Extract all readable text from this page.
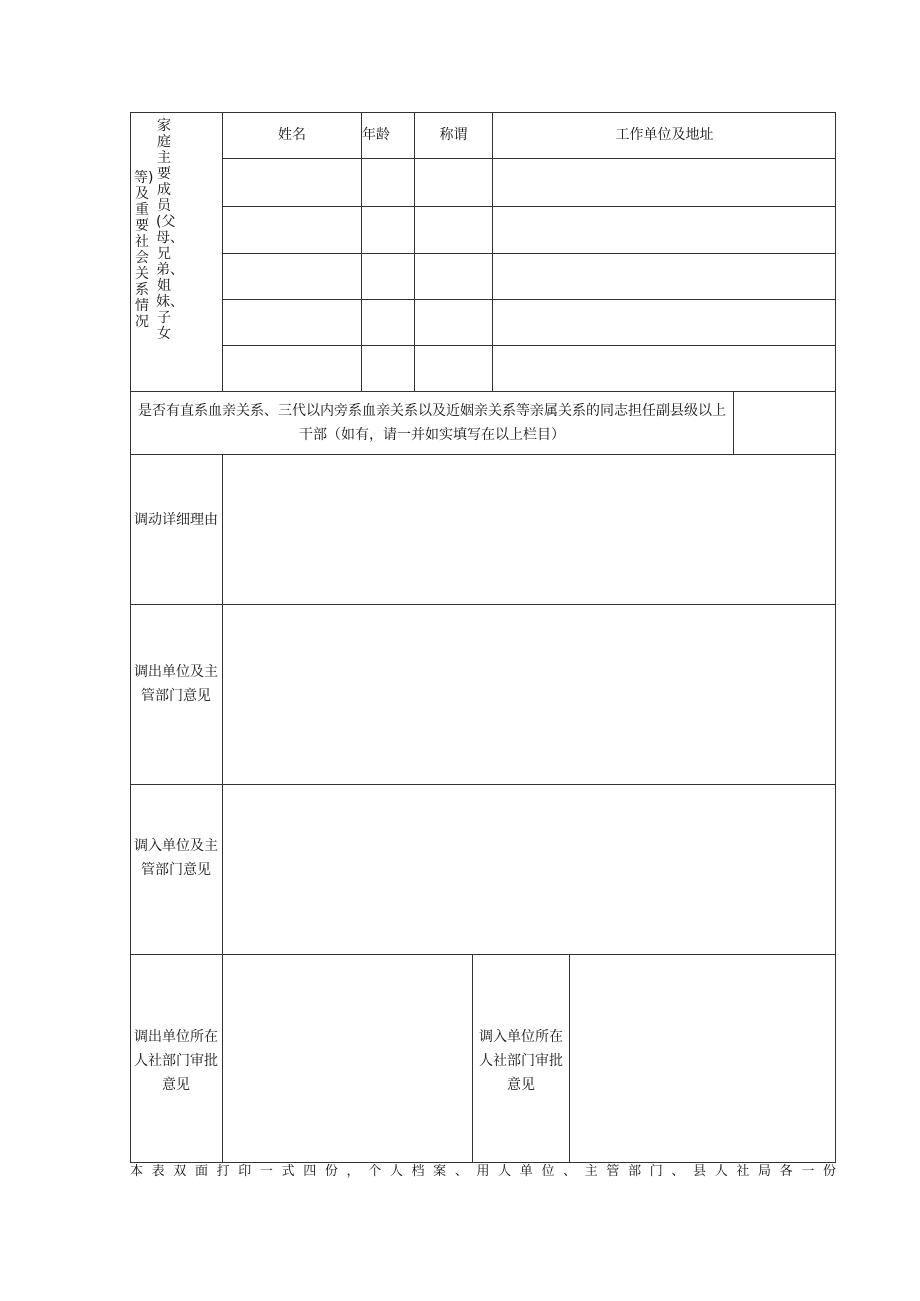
家庭主要成员(父母、兄弟、姐妹、子女
等)及重要社会关系情况
姓名	年龄	称谓	工作单位及地址
是否有直系血亲关系、三代以内旁系血亲关系以及近姻亲关系等亲属关系的同志担任副县级以上干部（如有，请一并如实填写在以上栏目）
调动详细理由
调出单位及主管部门意见
调入单位及主管部门意见
调出单位所在人社部门审批意见
调入单位所在人社部门审批意见
本表双面打印一式四份，个人档案、用人单位、主管部门、县人社局各一份
